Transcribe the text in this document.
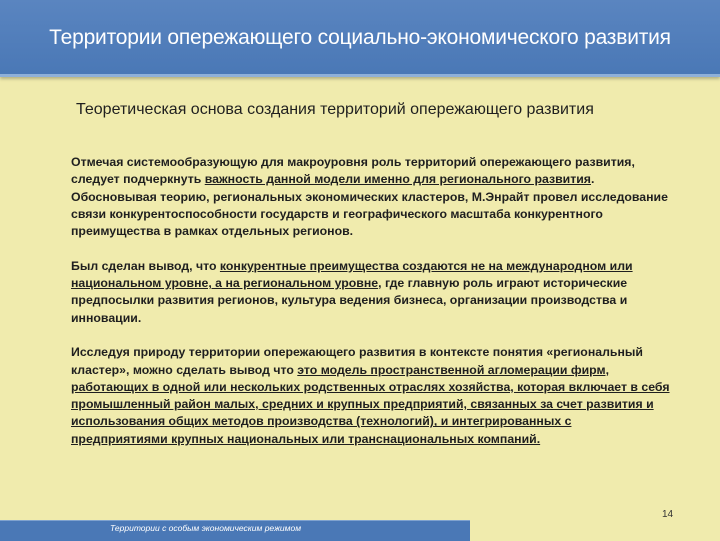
Территории опережающего социально-экономического развития
Теоретическая основа создания территорий опережающего развития

Отмечая системообразующую для макроуровня роль территорий опережающего развития, следует подчеркнуть важность данной модели именно для регионального развития. Обосновывая теорию, региональных экономических кластеров, М.Энрайт провел исследование связи конкурентоспособности государств и географического масштаба конкурентного преимущества в рамках отдельных регионов.

Был сделан вывод, что конкурентные преимущества создаются не на международном или национальном уровне, а на региональном уровне, где главную роль играют исторические предпосылки развития регионов, культура ведения бизнеса, организации производства и инновации.

Исследуя природу территории опережающего развития в контексте понятия «региональный кластер», можно сделать вывод что это модель пространственной агломерации фирм, работающих в одной или нескольких родственных отраслях хозяйства, которая включает в себя промышленный район малых, средних и крупных предприятий, связанных за счет развития и использования общих методов производства (технологий), и интегрированных с предприятиями крупных национальных или транснациональных компаний.

14
Территории с особым экономическим режимом
